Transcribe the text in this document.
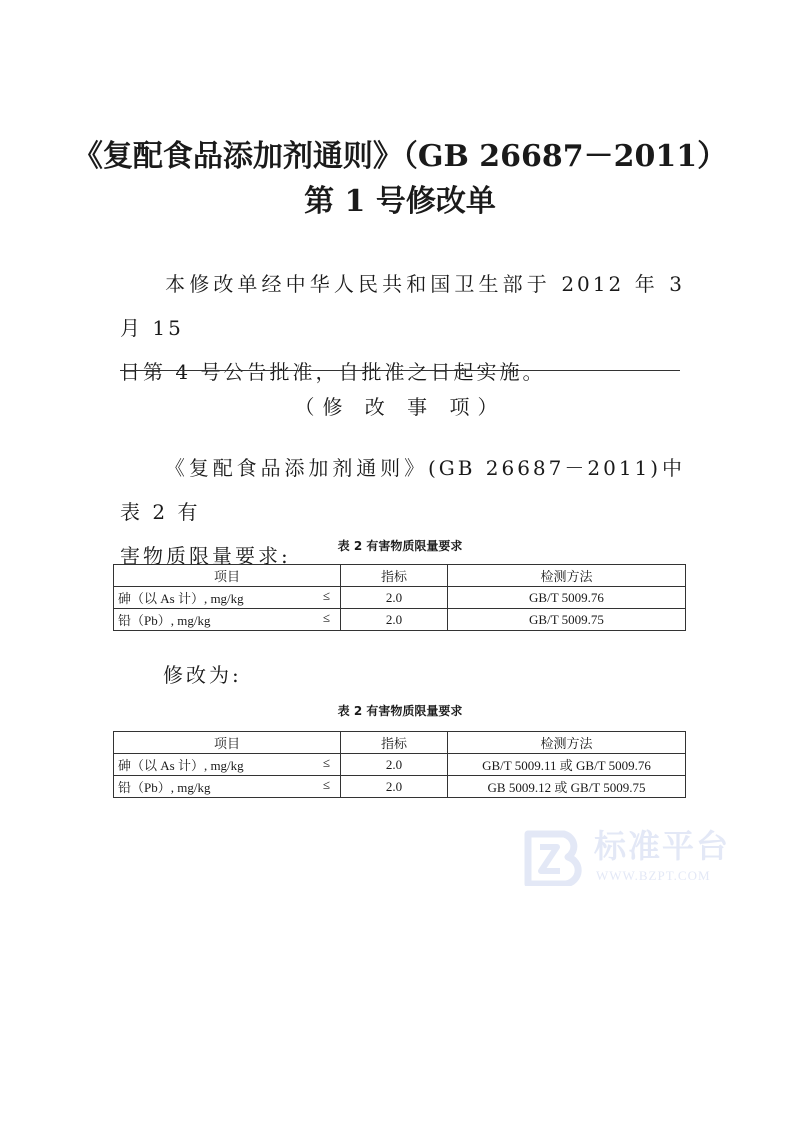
《复配食品添加剂通则》（GB 26687－2011）
第 1 号修改单
本修改单经中华人民共和国卫生部于 2012 年 3 月 15
日第 4 号公告批准，自批准之日起实施。
（修 改 事 项）
《复配食品添加剂通则》(GB 26687－2011)中表 2 有
害物质限量要求:	表 2 有害物质限量要求
项目	指标	检测方法

砷（以 As 计）, mg/kg ≤	2.0	GB/T 5009.76

铅（Pb）, mg/kg ≤	2.0	GB/T 5009.75
修改为:
表 2 有害物质限量要求
项目	指标	检测方法

砷（以 As 计）, mg/kg ≤	2.0	GB/T 5009.11 或 GB/T 5009.76

铅（Pb）, mg/kg ≤	2.0	GB 5009.12 或 GB/T 5009.75
标准平台
WWW.BZPT.COM
